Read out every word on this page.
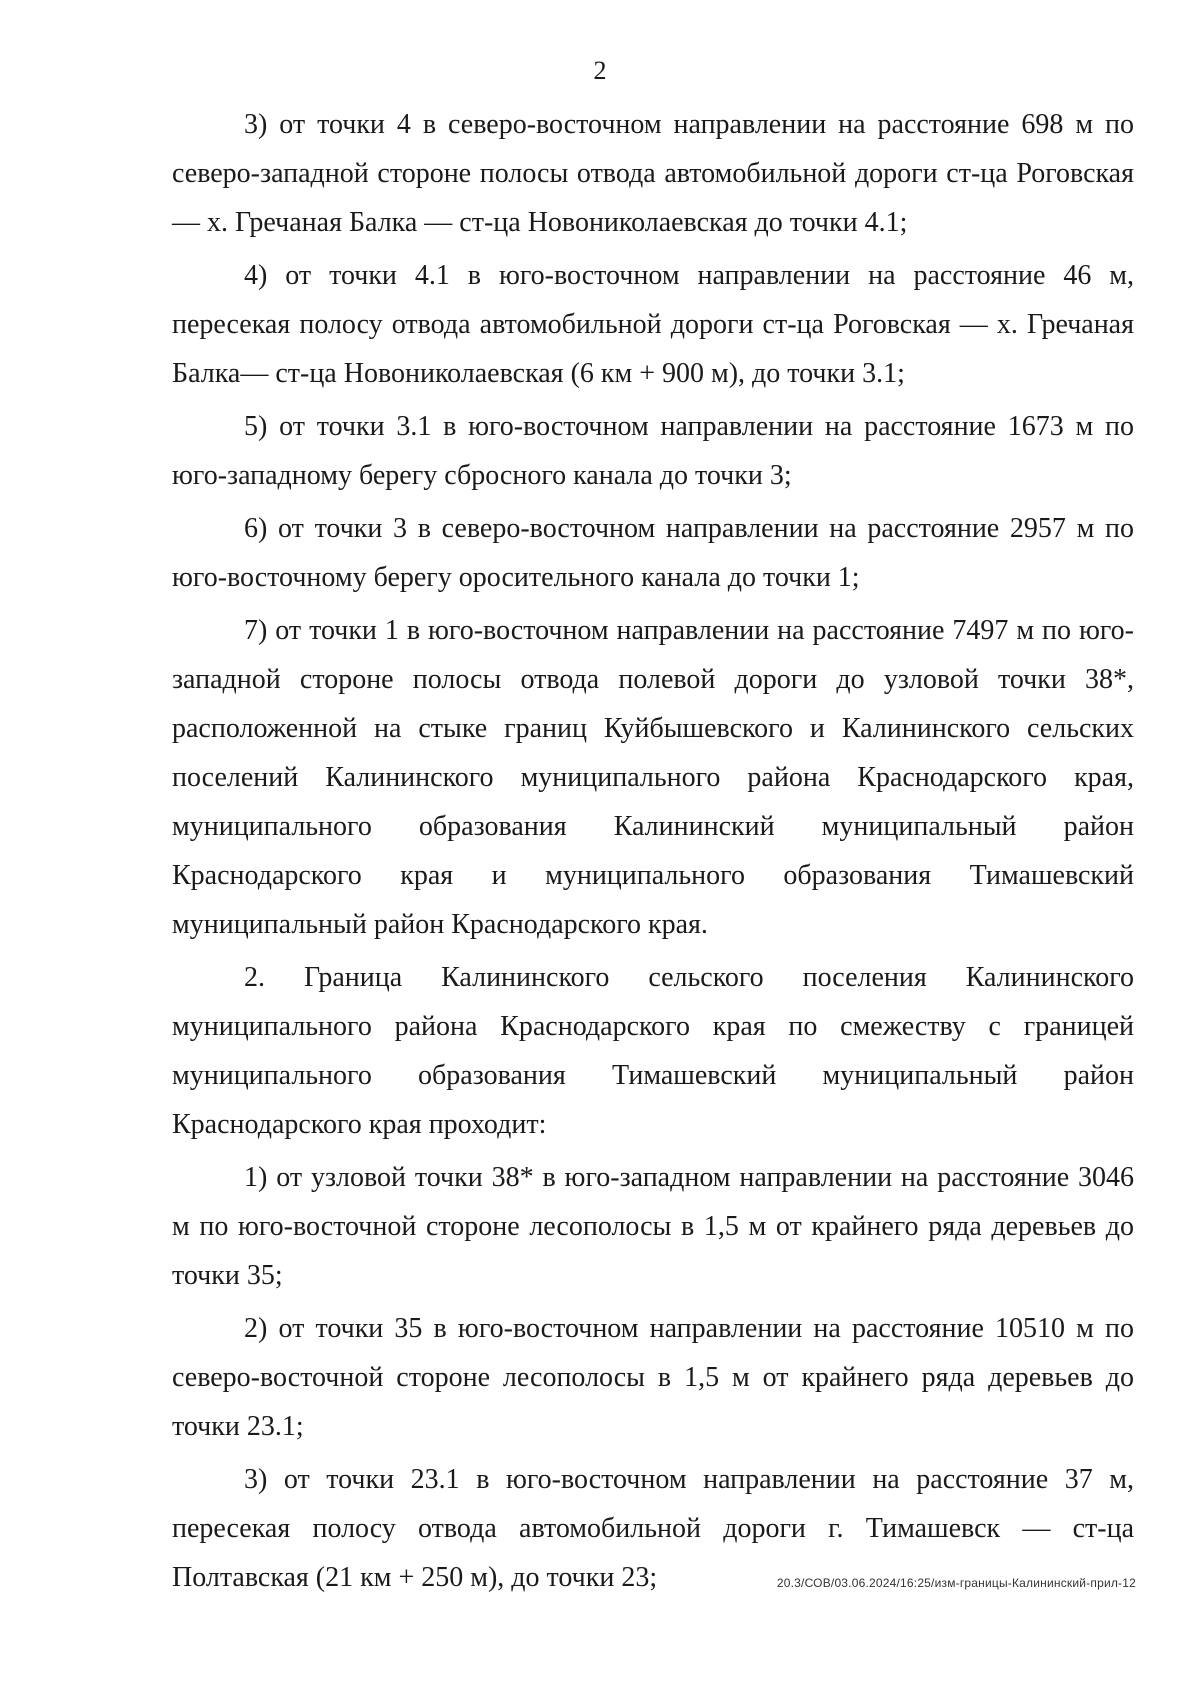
2

3) от точки 4 в северо-восточном направлении на расстояние 698 м по северо-западной стороне полосы отвода автомобильной дороги ст-ца Роговская — х. Гречаная Балка — ст-ца Новониколаевская до точки 4.1;

4) от точки 4.1 в юго-восточном направлении на расстояние 46 м, пересекая полосу отвода автомобильной дороги ст-ца Роговская — х. Гречаная Балка— ст-ца Новониколаевская (6 км + 900 м), до точки 3.1;

5) от точки 3.1 в юго-восточном направлении на расстояние 1673 м по юго-западному берегу сбросного канала до точки 3;

6) от точки 3 в северо-восточном направлении на расстояние 2957 м по юго-восточному берегу оросительного канала до точки 1;

7) от точки 1 в юго-восточном направлении на расстояние 7497 м по юго-западной стороне полосы отвода полевой дороги до узловой точки 38*, расположенной на стыке границ Куйбышевского и Калининского сельских поселений Калининского муниципального района Краснодарского края, муниципального образования Калининский муниципальный район Краснодарского края и муниципального образования Тимашевский муниципальный район Краснодарского края.

2. Граница Калининского сельского поселения Калининского муниципального района Краснодарского края по смежеству с границей муниципального образования Тимашевский муниципальный район Краснодарского края проходит:

1) от узловой точки 38* в юго-западном направлении на расстояние 3046 м по юго-восточной стороне лесополосы в 1,5 м от крайнего ряда деревьев до точки 35;

2) от точки 35 в юго-восточном направлении на расстояние 10510 м по северо-восточной стороне лесополосы в 1,5 м от крайнего ряда деревьев до точки 23.1;

3) от точки 23.1 в юго-восточном направлении на расстояние 37 м, пересекая полосу отвода автомобильной дороги г. Тимашевск — ст-ца Полтавская (21 км + 250 м), до точки 23;	20.3/СОВ/03.06.2024/16:25/изм-границы-Калининский-прил-12
